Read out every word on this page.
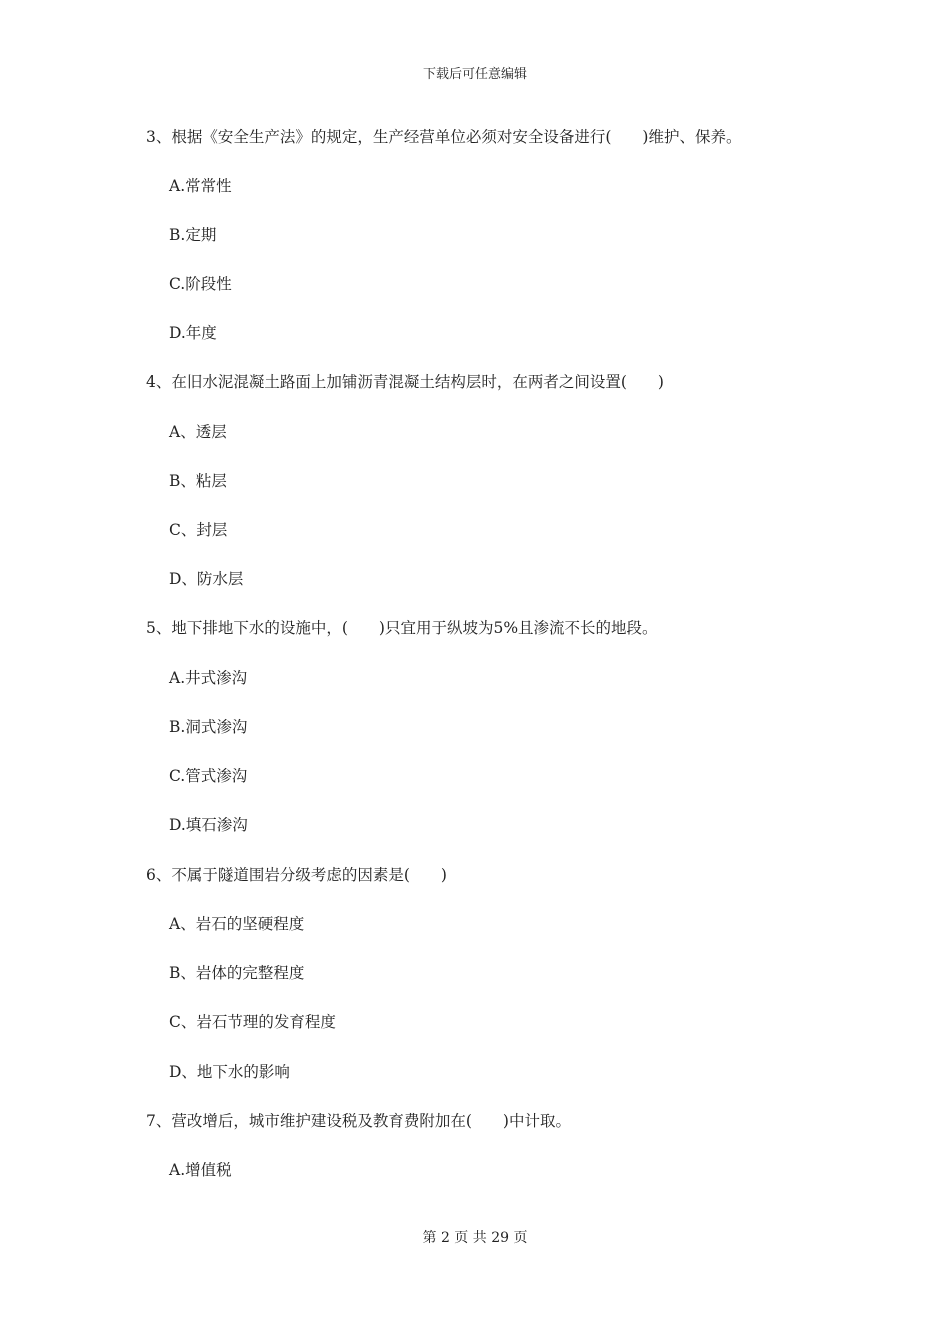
下载后可任意编辑
3、根据《安全生产法》的规定，生产经营单位必须对安全设备进行(　　)维护、保养。
A.常常性
B.定期
C.阶段性
D.年度
4、在旧水泥混凝土路面上加铺沥青混凝土结构层时，在两者之间设置(　　)
A、透层
B、粘层
C、封层
D、防水层
5、地下排地下水的设施中，(　　)只宜用于纵坡为5%且渗流不长的地段。
A.井式渗沟
B.洞式渗沟
C.管式渗沟
D.填石渗沟
6、不属于隧道围岩分级考虑的因素是(　　)
A、岩石的坚硬程度
B、岩体的完整程度
C、岩石节理的发育程度
D、地下水的影响
7、营改增后，城市维护建设税及教育费附加在(　　)中计取。
A.增值税
第 2 页 共 29 页
